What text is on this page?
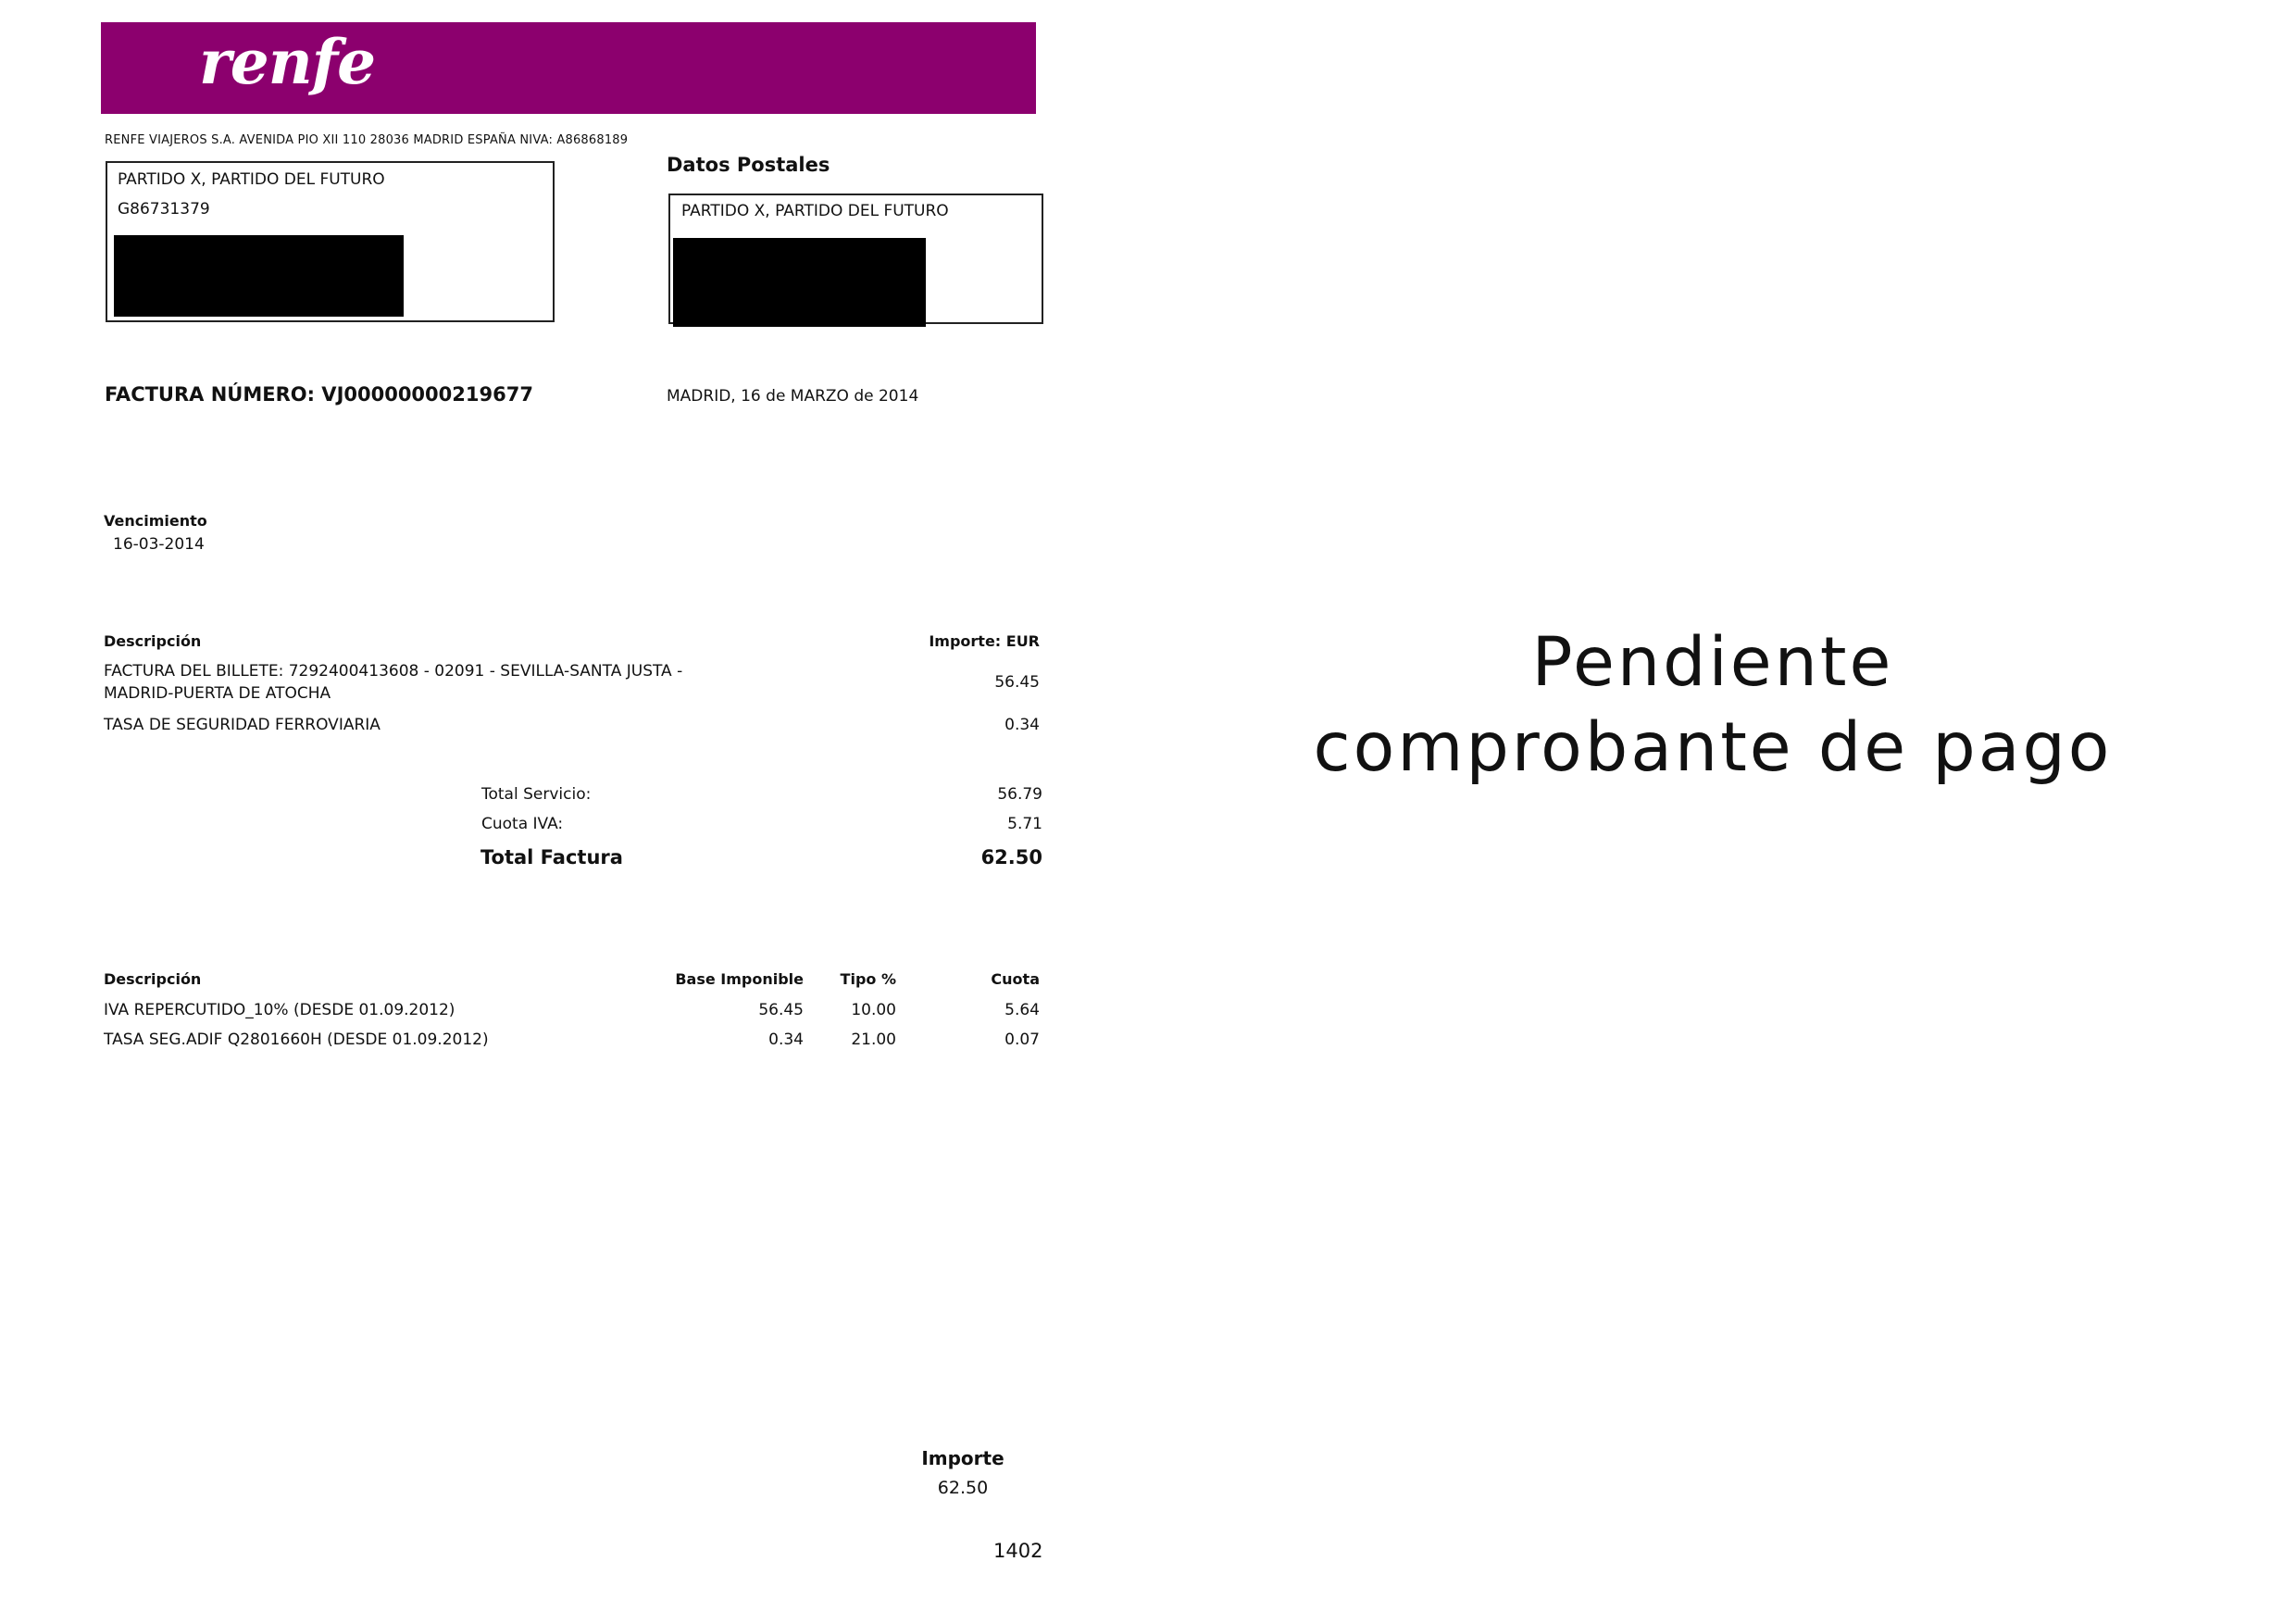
renfe
RENFE VIAJEROS S.A. AVENIDA PIO XII 110 28036 MADRID ESPAÑA NIVA: A86868189
PARTIDO X, PARTIDO DEL FUTURO
G86731379
Datos Postales
PARTIDO X, PARTIDO DEL FUTURO
FACTURA NÚMERO: VJ00000000219677	MADRID, 16 de MARZO de 2014
Vencimiento
16-03-2014
Descripción	Importe: EUR
FACTURA DEL BILLETE: 7292400413608 - 02091 - SEVILLA-SANTA JUSTA -
MADRID-PUERTA DE ATOCHA
56.45
TASA DE SEGURIDAD FERROVIARIA	0.34
Total Servicio:	56.79
Cuota IVA:	5.71
Total Factura	62.50
Descripción	Base Imponible	Tipo %	Cuota
IVA REPERCUTIDO_10% (DESDE 01.09.2012)	56.45	10.00	5.64
TASA SEG.ADIF Q2801660H (DESDE 01.09.2012)	0.34	21.00	0.07
Importe
62.50
1402
Pendiente
comprobante de pago
